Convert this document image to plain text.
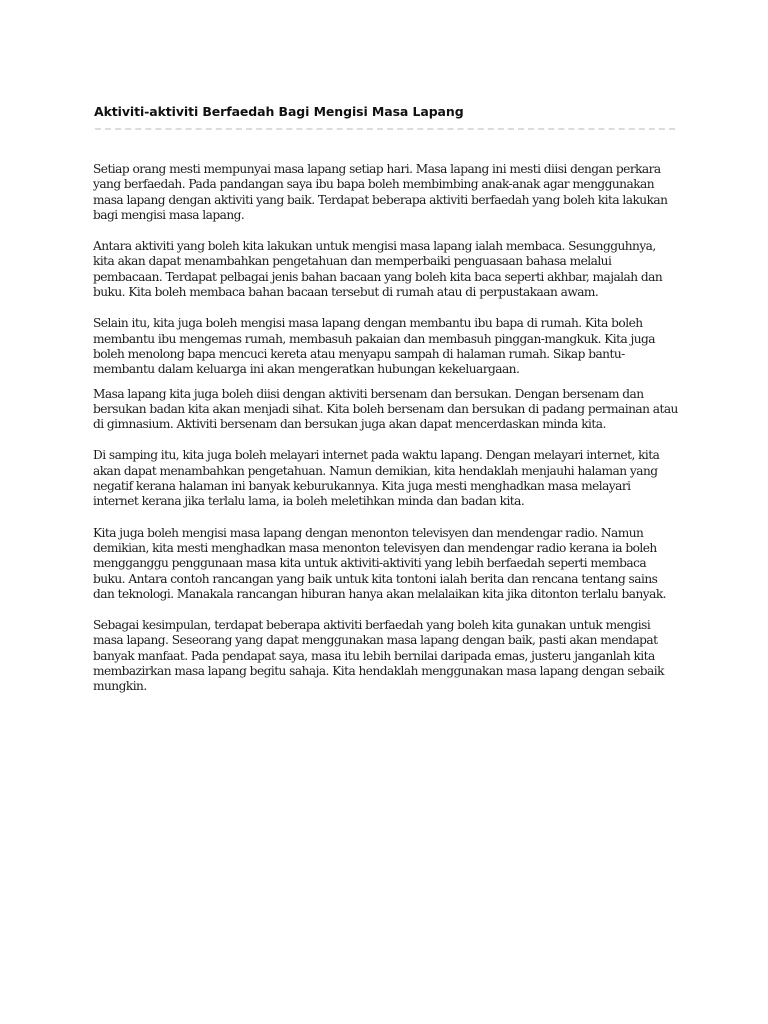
Aktiviti-aktiviti Berfaedah Bagi Mengisi Masa Lapang

Setiap orang mesti mempunyai masa lapang setiap hari. Masa lapang ini mesti diisi dengan perkara yang berfaedah. Pada pandangan saya ibu bapa boleh membimbing anak-anak agar menggunakan masa lapang dengan aktiviti yang baik. Terdapat beberapa aktiviti berfaedah yang boleh kita lakukan bagi mengisi masa lapang.

Antara aktiviti yang boleh kita lakukan untuk mengisi masa lapang ialah membaca. Sesungguhnya, kita akan dapat menambahkan pengetahuan dan memperbaiki penguasaan bahasa melalui pembacaan. Terdapat pelbagai jenis bahan bacaan yang boleh kita baca seperti akhbar, majalah dan buku. Kita boleh membaca bahan bacaan tersebut di rumah atau di perpustakaan awam.

Selain itu, kita juga boleh mengisi masa lapang dengan membantu ibu bapa di rumah. Kita boleh membantu ibu mengemas rumah, membasuh pakaian dan membasuh pinggan-mangkuk. Kita juga boleh menolong bapa mencuci kereta atau menyapu sampah di halaman rumah. Sikap bantu-membantu dalam keluarga ini akan mengeratkan hubungan kekeluargaan.

Masa lapang kita juga boleh diisi dengan aktiviti bersenam dan bersukan. Dengan bersenam dan bersukan badan kita akan menjadi sihat. Kita boleh bersenam dan bersukan di padang permainan atau di gimnasium. Aktiviti bersenam dan bersukan juga akan dapat mencerdaskan minda kita.

Di samping itu, kita juga boleh melayari internet pada waktu lapang. Dengan melayari internet, kita akan dapat menambahkan pengetahuan. Namun demikian, kita hendaklah menjauhi halaman yang negatif kerana halaman ini banyak keburukannya. Kita juga mesti menghadkan masa melayari internet kerana jika terlalu lama, ia boleh meletihkan minda dan badan kita.

Kita juga boleh mengisi masa lapang dengan menonton televisyen dan mendengar radio. Namun demikian, kita mesti menghadkan masa menonton televisyen dan mendengar radio kerana ia boleh mengganggu penggunaan masa kita untuk aktiviti-aktiviti yang lebih berfaedah seperti membaca buku. Antara contoh rancangan yang baik untuk kita tontoni ialah berita dan rencana tentang sains dan teknologi. Manakala rancangan hiburan hanya akan melalaikan kita jika ditonton terlalu banyak.

Sebagai kesimpulan, terdapat beberapa aktiviti berfaedah yang boleh kita gunakan untuk mengisi masa lapang. Seseorang yang dapat menggunakan masa lapang dengan baik, pasti akan mendapat banyak manfaat. Pada pendapat saya, masa itu lebih bernilai daripada emas, justeru janganlah kita membazirkan masa lapang begitu sahaja. Kita hendaklah menggunakan masa lapang dengan sebaik mungkin.
